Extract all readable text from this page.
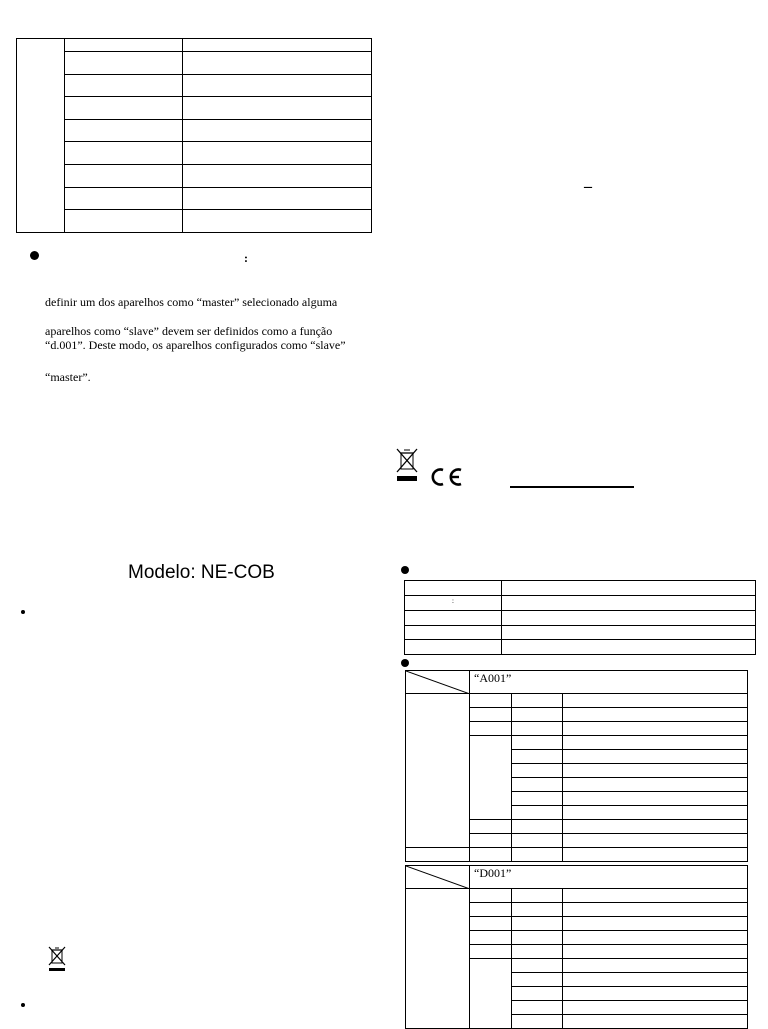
:
definir um dos aparelhos como “master” selecionado alguma
aparelhos como “slave” devem ser definidos como a função
“d.001”. Deste modo, os aparelhos configurados como “slave”
“master”.
Modelo: NE-COB
–

:	

	“A001”		

	“D001”		
